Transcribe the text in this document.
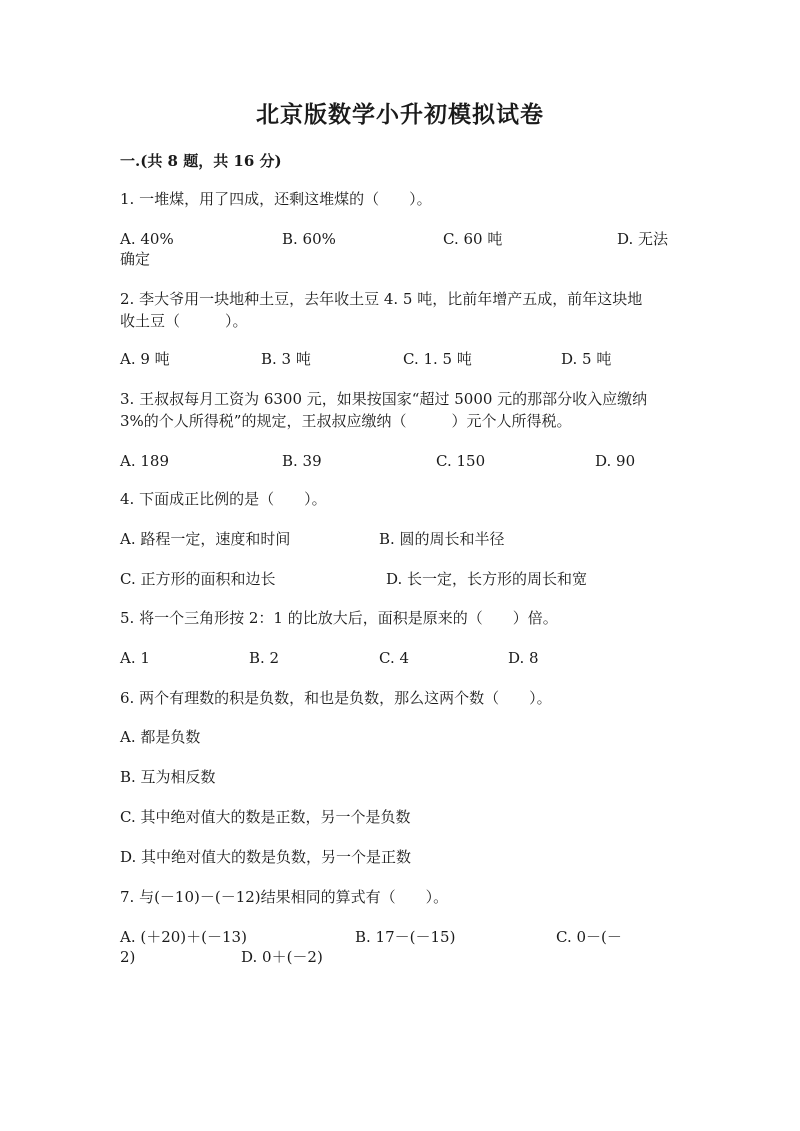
北京版数学小升初模拟试卷
一.(共 8 题，共 16 分)
1. 一堆煤，用了四成，还剩这堆煤的（　　）。
A. 40%	B. 60%	C. 60 吨	D. 无法
确定
2. 李大爷用一块地种土豆，去年收土豆 4. 5 吨，比前年增产五成，前年这块地
收土豆（　　　）。
A. 9 吨	B. 3 吨	C. 1. 5 吨	D. 5 吨
3. 王叔叔每月工资为 6300 元，如果按国家“超过 5000 元的那部分收入应缴纳
3%的个人所得税”的规定，王叔叔应缴纳（　　　）元个人所得税。
A. 189	B. 39	C. 150	D. 90
4. 下面成正比例的是（　　）。
A. 路程一定，速度和时间	B. 圆的周长和半径
C. 正方形的面积和边长	D. 长一定，长方形的周长和宽
5. 将一个三角形按 2：1 的比放大后，面积是原来的（　　）倍。
A. 1	B. 2	C. 4	D. 8
6. 两个有理数的积是负数，和也是负数，那么这两个数（　　）。
A. 都是负数
B. 互为相反数
C. 其中绝对值大的数是正数，另一个是负数
D. 其中绝对值大的数是负数，另一个是正数
7. 与(－10)－(－12)结果相同的算式有（　　）。
A. (＋20)＋(－13)	B. 17－(－15)	C. 0－(－
2)	D. 0＋(－2)
